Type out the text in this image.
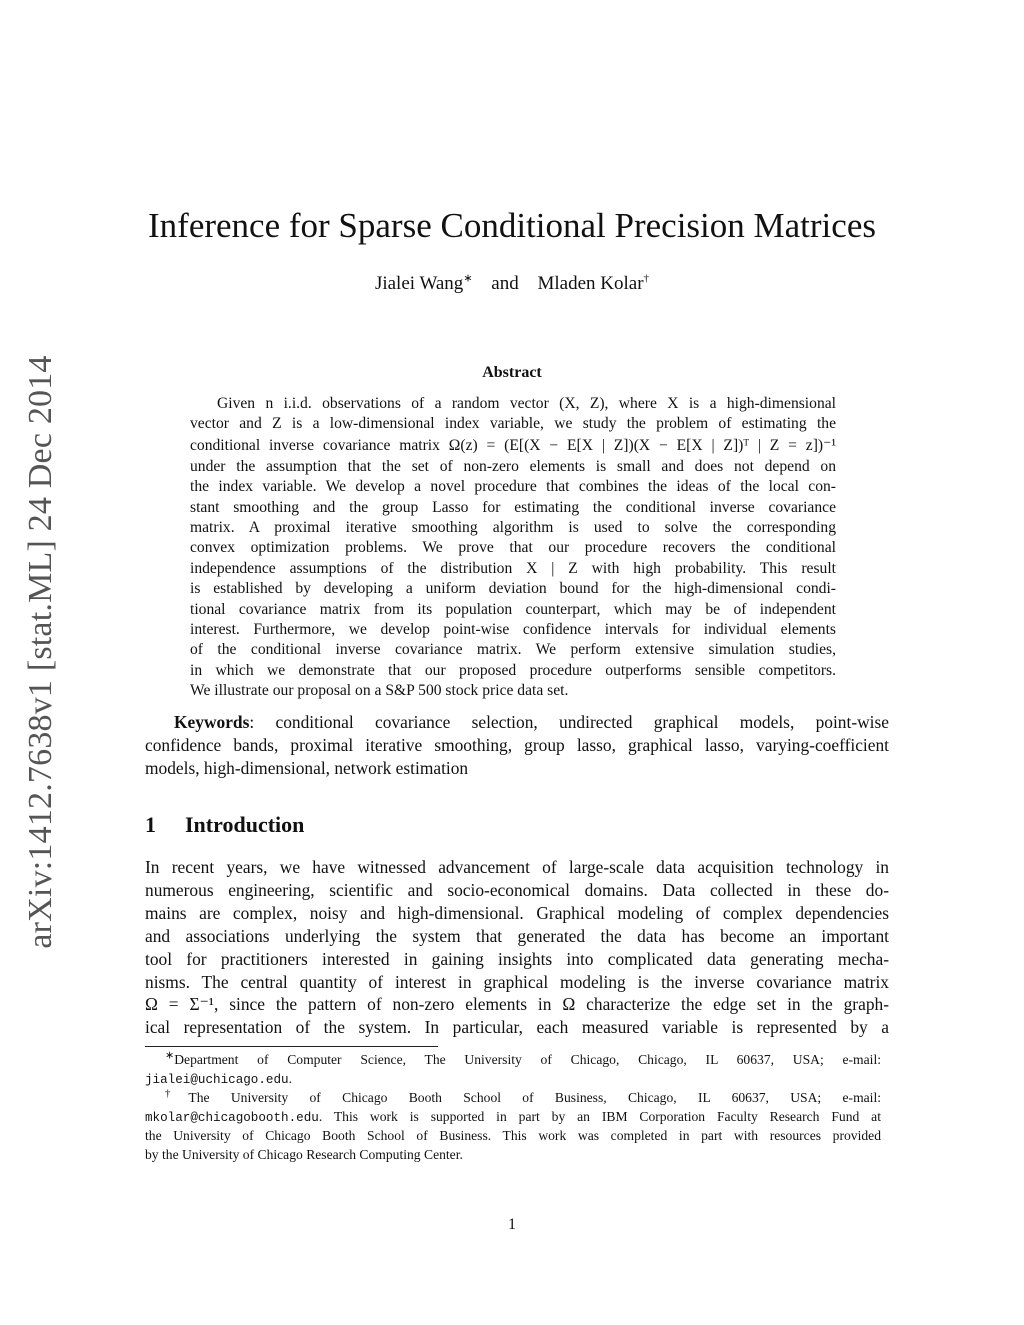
arXiv:1412.7638v1 [stat.ML] 24 Dec 2014
Inference for Sparse Conditional Precision Matrices
Jialei Wang∗ and Mladen Kolar†
Abstract
Given n i.i.d. observations of a random vector (X, Z), where X is a high-dimensional
vector and Z is a low-dimensional index variable, we study the problem of estimating the
conditional inverse covariance matrix Ω(z) = (E[(X − E[X | Z])(X − E[X | Z])ᵀ | Z = z])⁻¹
under the assumption that the set of non-zero elements is small and does not depend on
the index variable. We develop a novel procedure that combines the ideas of the local con-
stant smoothing and the group Lasso for estimating the conditional inverse covariance
matrix. A proximal iterative smoothing algorithm is used to solve the corresponding
convex optimization problems. We prove that our procedure recovers the conditional
independence assumptions of the distribution X | Z with high probability. This result
is established by developing a uniform deviation bound for the high-dimensional condi-
tional covariance matrix from its population counterpart, which may be of independent
interest. Furthermore, we develop point-wise confidence intervals for individual elements
of the conditional inverse covariance matrix. We perform extensive simulation studies,
in which we demonstrate that our proposed procedure outperforms sensible competitors.
We illustrate our proposal on a S&P 500 stock price data set.
Keywords: conditional covariance selection, undirected graphical models, point-wise
confidence bands, proximal iterative smoothing, group lasso, graphical lasso, varying-coefficient
models, high-dimensional, network estimation
1 Introduction
In recent years, we have witnessed advancement of large-scale data acquisition technology in
numerous engineering, scientific and socio-economical domains. Data collected in these do-
mains are complex, noisy and high-dimensional. Graphical modeling of complex dependencies
and associations underlying the system that generated the data has become an important
tool for practitioners interested in gaining insights into complicated data generating mecha-
nisms. The central quantity of interest in graphical modeling is the inverse covariance matrix
Ω = Σ⁻¹, since the pattern of non-zero elements in Ω characterize the edge set in the graph-
ical representation of the system. In particular, each measured variable is represented by a
∗Department of Computer Science, The University of Chicago, Chicago, IL 60637, USA; e-mail:
jialei@uchicago.edu.
†The University of Chicago Booth School of Business, Chicago, IL 60637, USA; e-mail:
mkolar@chicagobooth.edu. This work is supported in part by an IBM Corporation Faculty Research Fund at
the University of Chicago Booth School of Business. This work was completed in part with resources provided
by the University of Chicago Research Computing Center.
1
